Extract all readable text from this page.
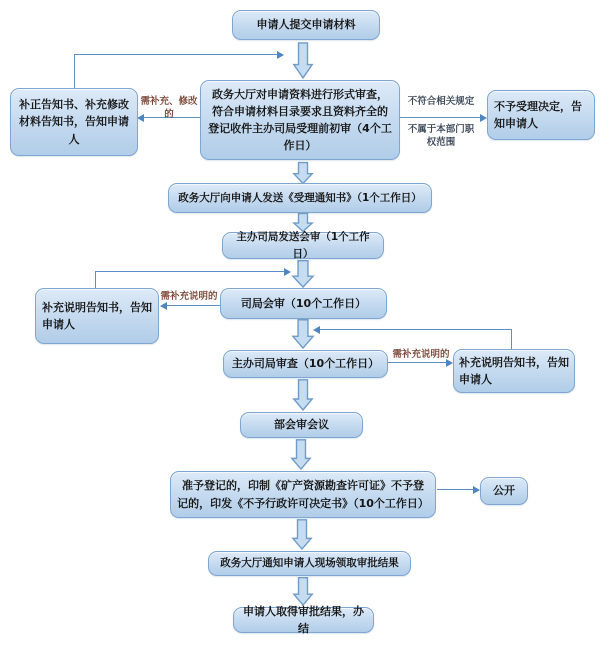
申请人提交申请材料
政务大厅对申请资料进行形式审查，符合申请材料目录要求且资料齐全的登记收件主办司局受理前初审（4个工作日）
补正告知书、补充修改材料告知书，告知申请人
不予受理决定，告知申请人
政务大厅向申请人发送《受理通知书》（1个工作日）
主办司局发送会审（1个工作日）
司局会审（10个工作日）
补充说明告知书，告知申请人
主办司局审查（10个工作日）	补充说明告知书，告知申请人
部会审会议
准予登记的，印制《矿产资源勘查许可证》不予登记的，印发《不予行政许可决定书》（10个工作日）
公开
政务大厅通知申请人现场领取审批结果
申请人取得审批结果，办结
需补充、修改的
不符合相关规定
不属于本部门职权范围
需补充说明的
需补充说明的
